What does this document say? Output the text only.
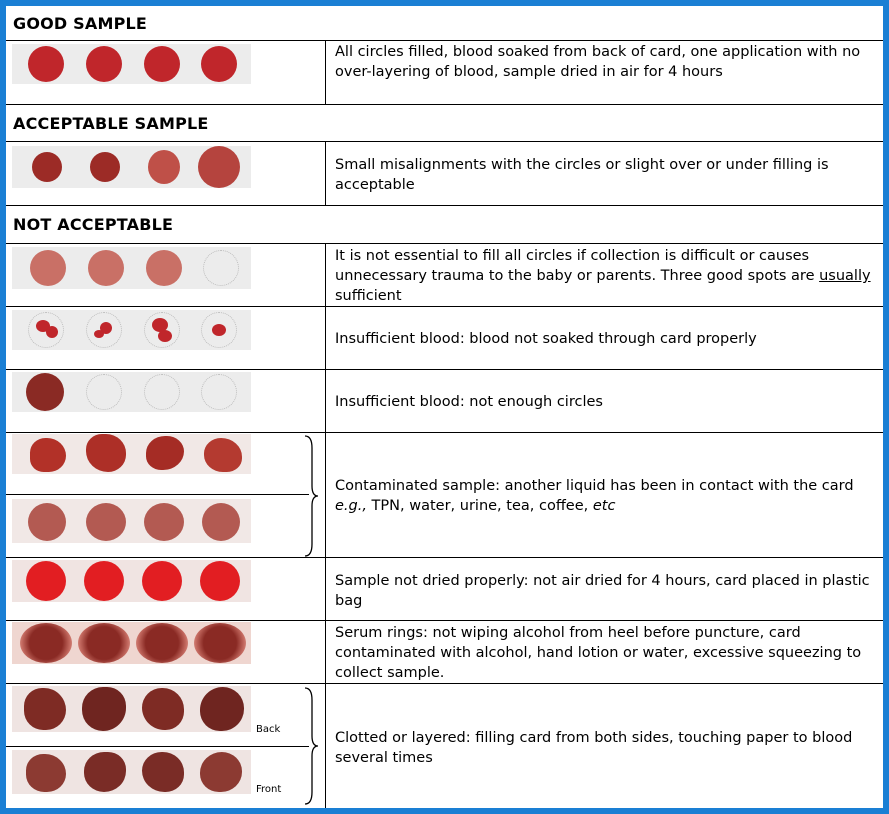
GOOD SAMPLE
All circles filled, blood soaked from back of card, one application with no over-layering of blood, sample dried in air for 4 hours
ACCEPTABLE SAMPLE
Small misalignments with the circles or slight over or under filling is acceptable
NOT ACCEPTABLE
It is not essential to fill all circles if collection is difficult or causes unnecessary trauma to the baby or parents. Three good spots are usually sufficient
Insufficient blood: blood not soaked through card properly
Insufficient blood: not enough circles
Contaminated sample: another liquid has been in contact with the card e.g., TPN, water, urine, tea, coffee, etc
Sample not dried properly: not air dried for 4 hours, card placed in plastic bag
Serum rings: not wiping alcohol from heel before puncture, card contaminated with alcohol, hand lotion or water, excessive squeezing to collect sample.
Back
Front
Clotted or layered: filling card from both sides, touching paper to blood several times
